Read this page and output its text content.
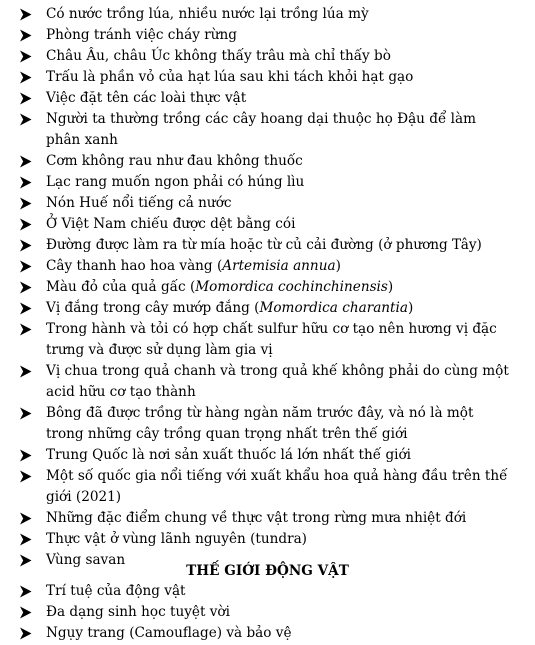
Có nước trồng lúa, nhiều nước lại trồng lúa mỳ
Phòng tránh việc cháy rừng
Châu Âu, châu Úc không thấy trâu mà chỉ thấy bò
Trấu là phần vỏ của hạt lúa sau khi tách khỏi hạt gạo
Việc đặt tên các loài thực vật
Người ta thường trồng các cây hoang dại thuộc họ Đậu để làm phân xanh
Cơm không rau như đau không thuốc
Lạc rang muốn ngon phải có húng lìu
Nón Huế nổi tiếng cả nước
Ở Việt Nam chiếu được dệt bằng cói
Đường được làm ra từ mía hoặc từ củ cải đường (ở phương Tây)
Cây thanh hao hoa vàng (Artemisia annua)
Màu đỏ của quả gấc (Momordica cochinchinensis)
Vị đắng trong cây mướp đắng (Momordica charantia)
Trong hành và tỏi có hợp chất sulfur hữu cơ tạo nên hương vị đặc trưng và được sử dụng làm gia vị
Vị chua trong quả chanh và trong quả khế không phải do cùng một acid hữu cơ tạo thành
Bông đã được trồng từ hàng ngàn năm trước đây, và nó là một trong những cây trồng quan trọng nhất trên thế giới
Trung Quốc là nơi sản xuất thuốc lá lớn nhất thế giới
Một số quốc gia nổi tiếng với xuất khẩu hoa quả hàng đầu trên thế giới (2021)
Những đặc điểm chung về thực vật trong rừng mưa nhiệt đới
Thực vật ở vùng lãnh nguyên (tundra)
Vùng savan
THẾ GIỚI ĐỘNG VẬT
Trí tuệ của động vật
Đa dạng sinh học tuyệt vời
Ngụy trang (Camouflage) và bảo vệ
